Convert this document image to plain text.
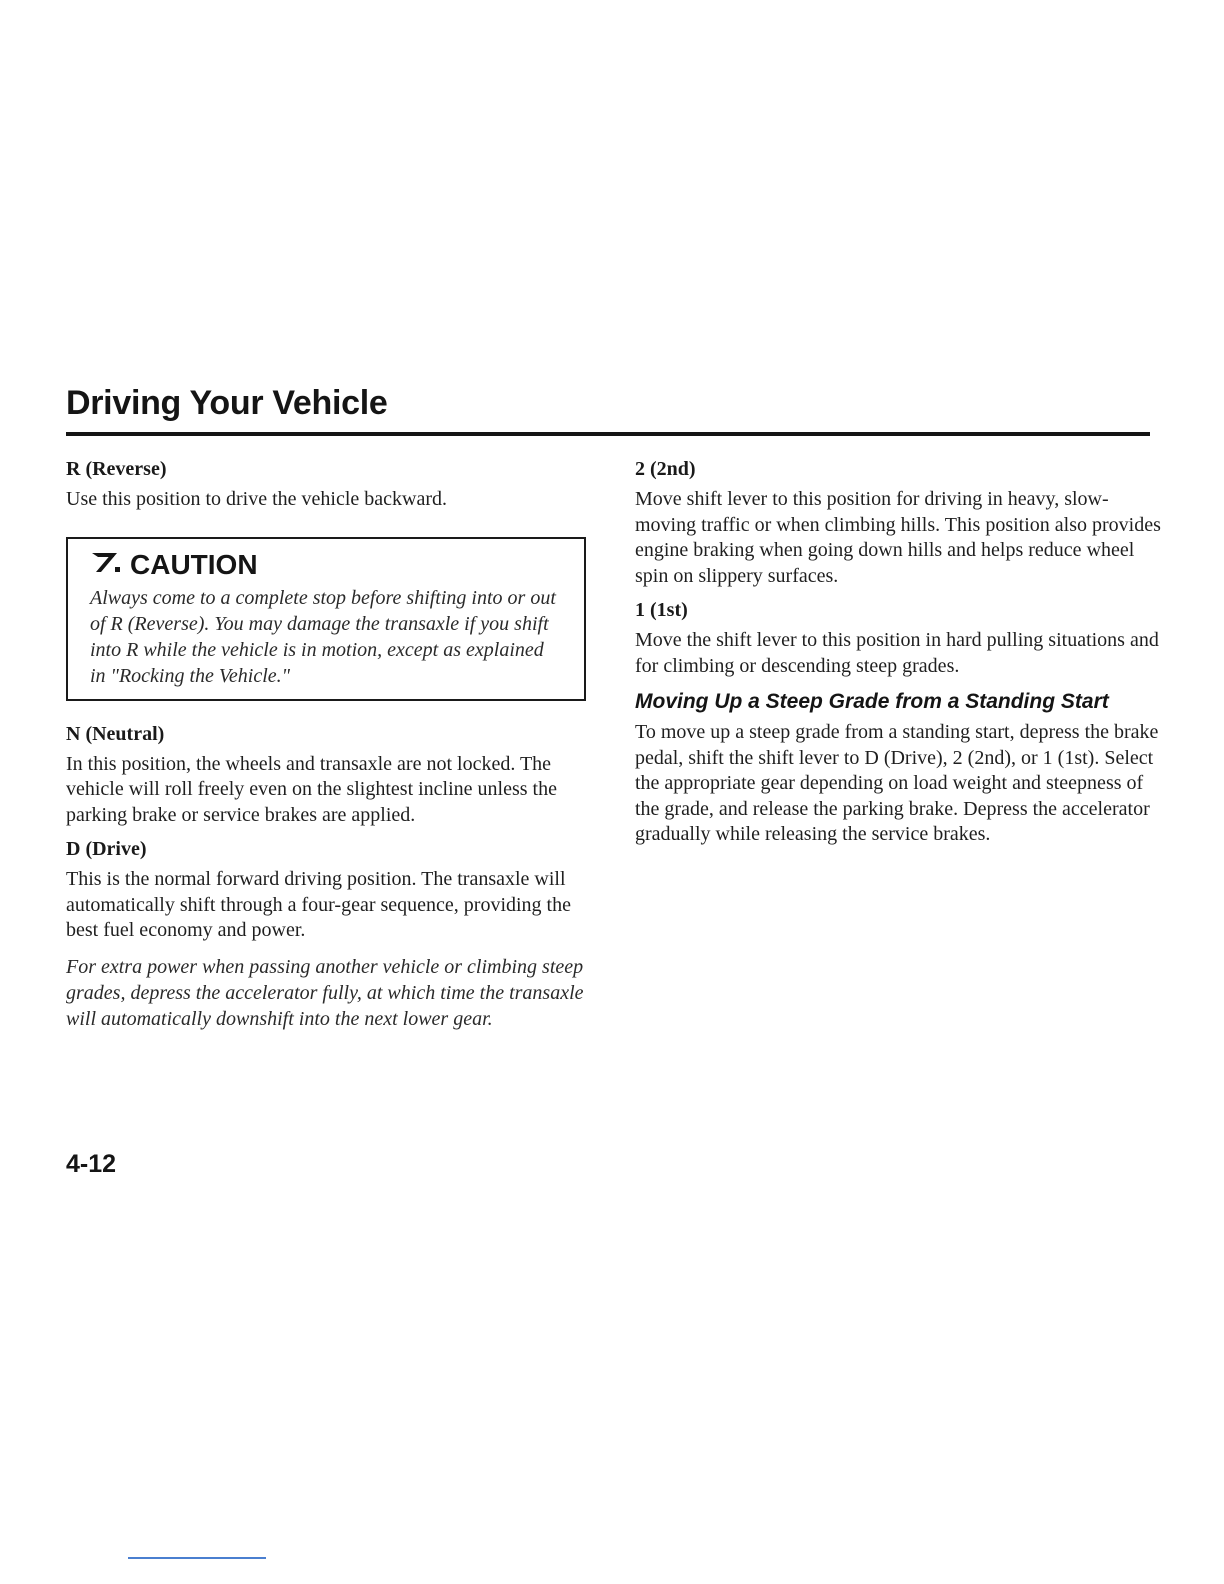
Driving Your Vehicle
R (Reverse)

Use this position to drive the vehicle backward.

CAUTION

Always come to a complete stop before shifting into or out of R (Reverse). You may damage the transaxle if you shift into R while the vehicle is in motion, except as explained in "Rocking the Vehicle."

N (Neutral)

In this position, the wheels and transaxle are not locked. The vehicle will roll freely even on the slightest incline unless the parking brake or service brakes are applied.

D (Drive)

This is the normal forward driving position. The transaxle will automatically shift through a four-gear sequence, providing the best fuel economy and power.

For extra power when passing another vehicle or climbing steep grades, depress the accelerator fully, at which time the transaxle will automatically downshift into the next lower gear.

2 (2nd)

Move shift lever to this position for driving in heavy, slow-moving traffic or when climbing hills. This position also provides engine braking when going down hills and helps reduce wheel spin on slippery surfaces.

1 (1st)

Move the shift lever to this position in hard pulling situations and for climbing or descending steep grades.

Moving Up a Steep Grade from a Standing Start

To move up a steep grade from a standing start, depress the brake pedal, shift the shift lever to D (Drive), 2 (2nd), or 1 (1st). Select the appropriate gear depending on load weight and steepness of the grade, and release the parking brake. Depress the accelerator gradually while releasing the service brakes.

4-12
